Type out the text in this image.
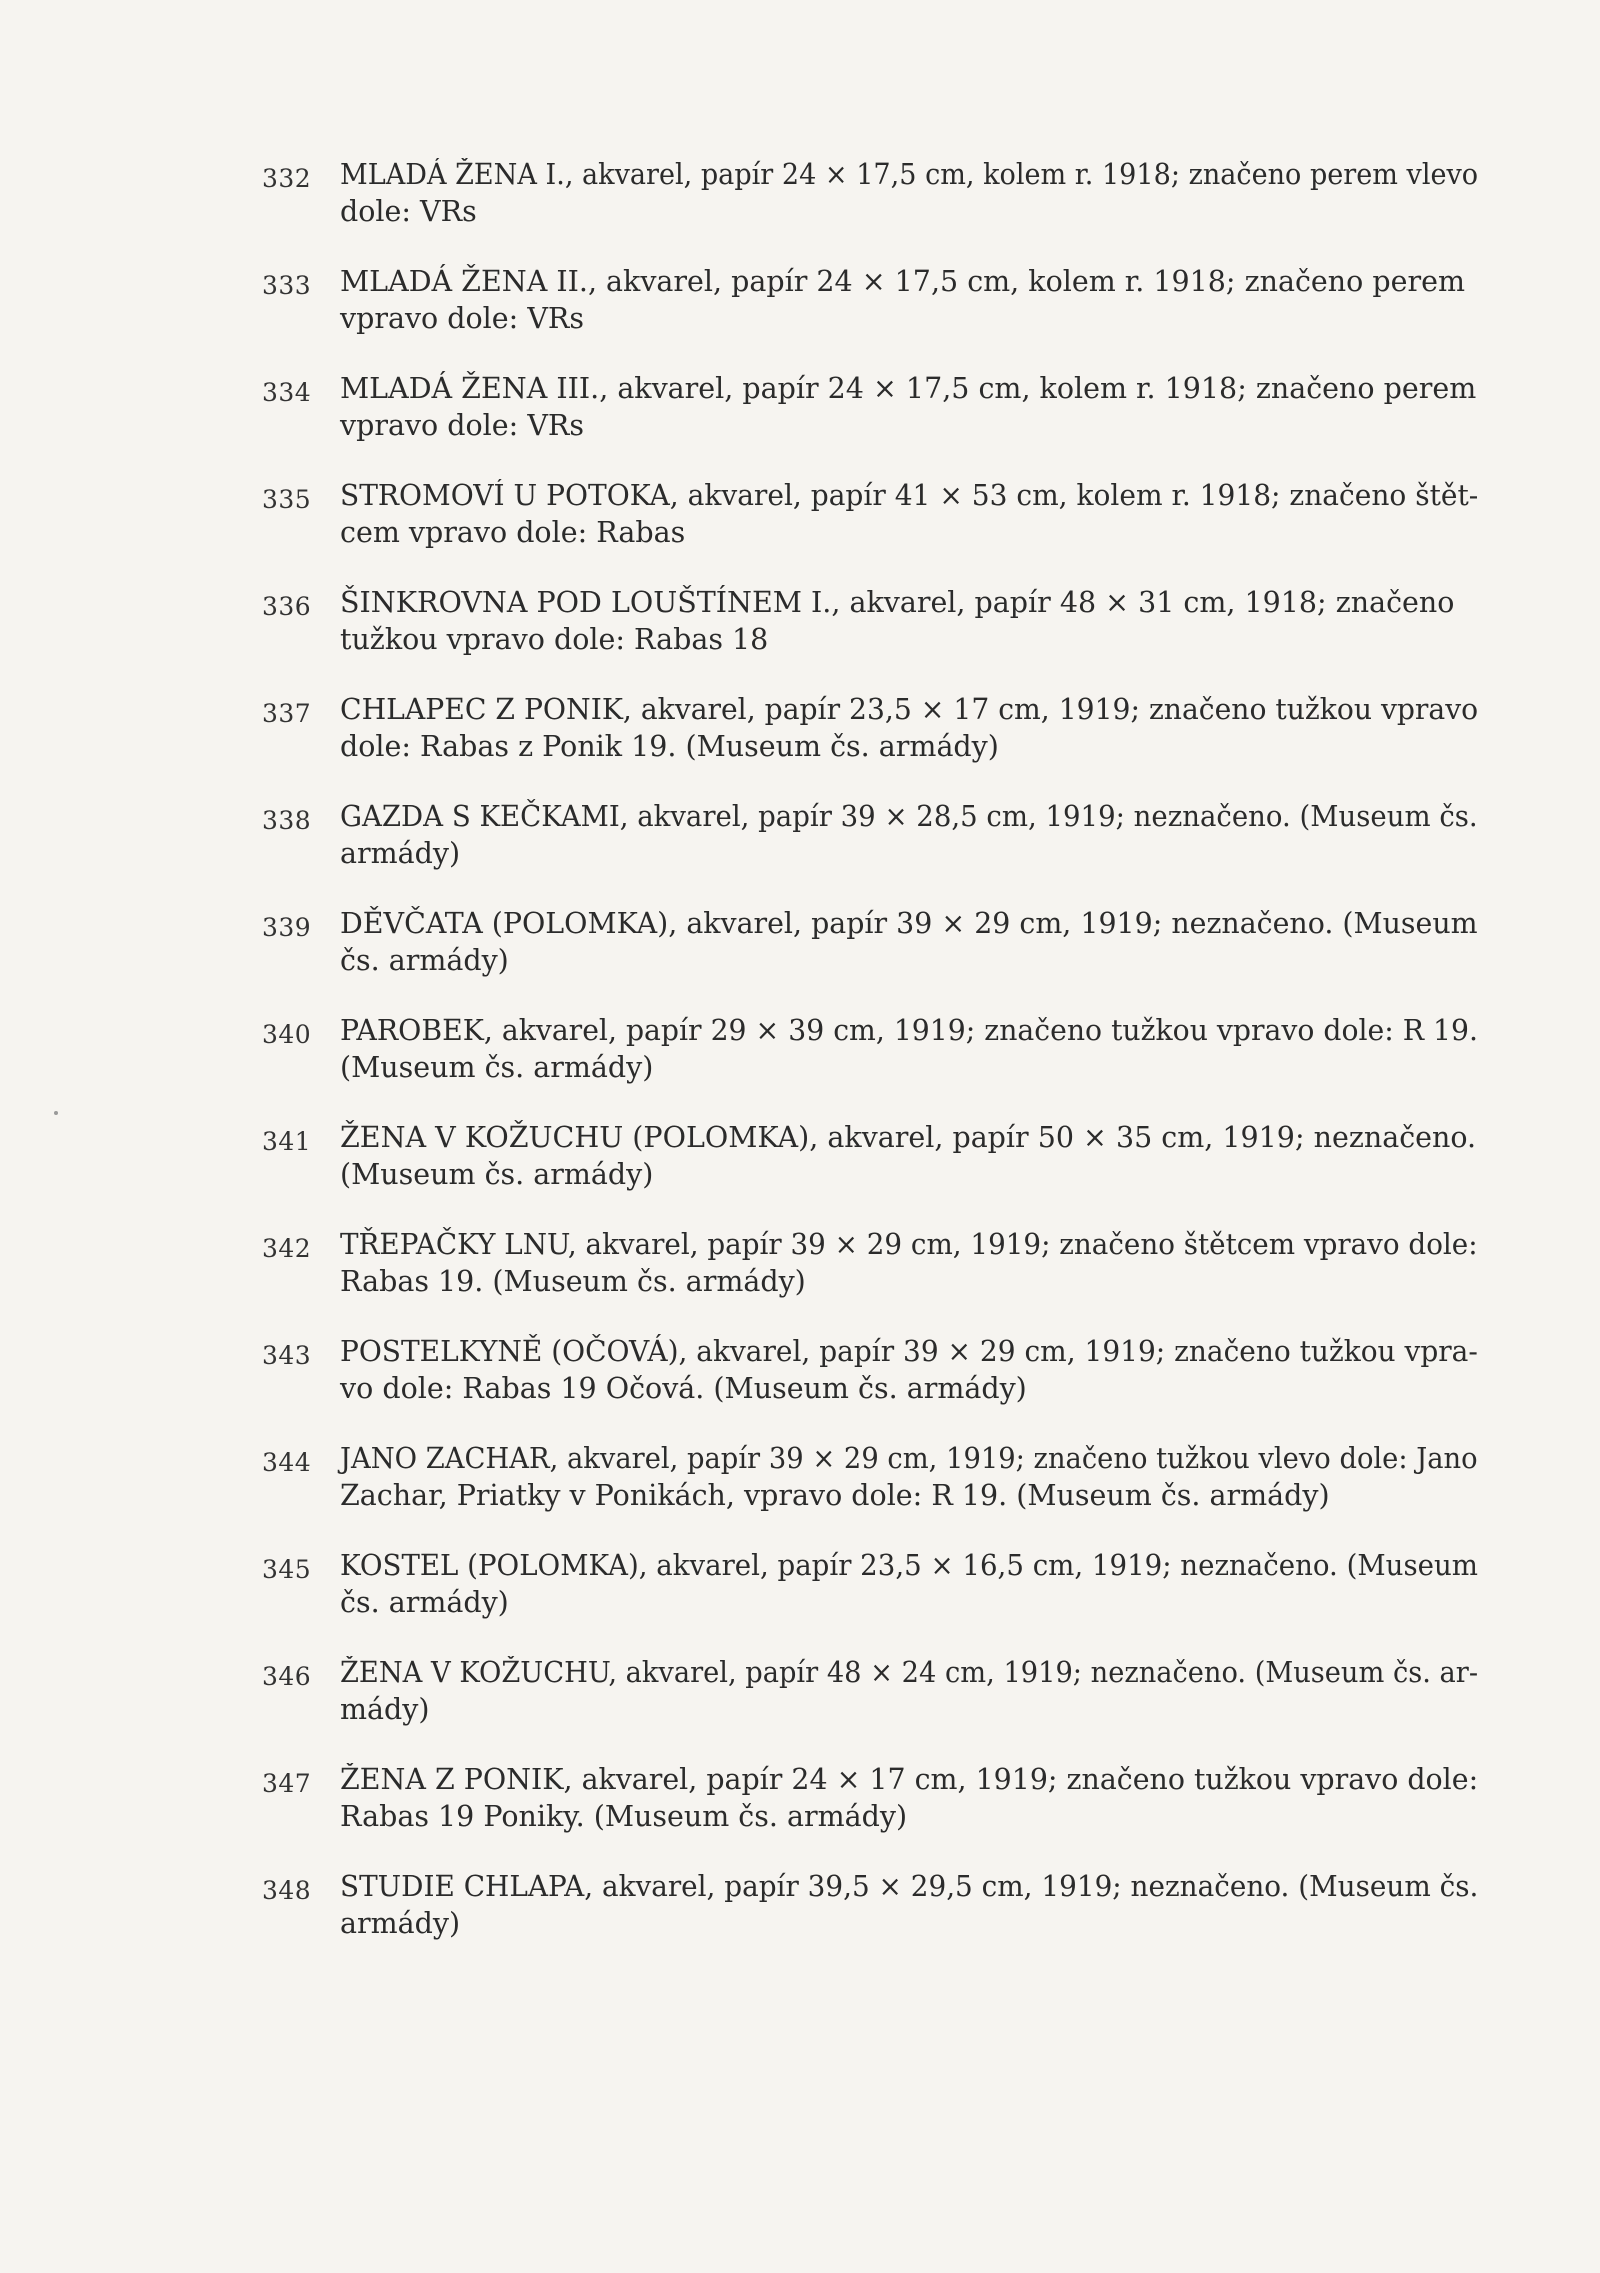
332	MLADÁ ŽENA I., akvarel, papír 24 × 17,5 cm, kolem r. 1918; značeno perem vlevo
dole: VRs
333	MLADÁ ŽENA II., akvarel, papír 24 × 17,5 cm, kolem r. 1918; značeno perem
vpravo dole: VRs
334	MLADÁ ŽENA III., akvarel, papír 24 × 17,5 cm, kolem r. 1918; značeno perem
vpravo dole: VRs
335	STROMOVÍ U POTOKA, akvarel, papír 41 × 53 cm, kolem r. 1918; značeno štět-
cem vpravo dole: Rabas
336	ŠINKROVNA POD LOUŠTÍNEM I., akvarel, papír 48 × 31 cm, 1918; značeno
tužkou vpravo dole: Rabas 18
337	CHLAPEC Z PONIK, akvarel, papír 23,5 × 17 cm, 1919; značeno tužkou vpravo
dole: Rabas z Ponik 19. (Museum čs. armády)
338	GAZDA S KEČKAMI, akvarel, papír 39 × 28,5 cm, 1919; neznačeno. (Museum čs.
armády)
339	DĚVČATA (POLOMKA), akvarel, papír 39 × 29 cm, 1919; neznačeno. (Museum
čs. armády)
340	PAROBEK, akvarel, papír 29 × 39 cm, 1919; značeno tužkou vpravo dole: R 19.
(Museum čs. armády)
341	ŽENA V KOŽUCHU (POLOMKA), akvarel, papír 50 × 35 cm, 1919; neznačeno.
(Museum čs. armády)
342	TŘEPAČKY LNU, akvarel, papír 39 × 29 cm, 1919; značeno štětcem vpravo dole:
Rabas 19. (Museum čs. armády)
343	POSTELKYNĚ (OČOVÁ), akvarel, papír 39 × 29 cm, 1919; značeno tužkou vpra-
vo dole: Rabas 19 Očová. (Museum čs. armády)
344	JANO ZACHAR, akvarel, papír 39 × 29 cm, 1919; značeno tužkou vlevo dole: Jano
Zachar, Priatky v Ponikách, vpravo dole: R 19. (Museum čs. armády)
345	KOSTEL (POLOMKA), akvarel, papír 23,5 × 16,5 cm, 1919; neznačeno. (Museum
čs. armády)
346	ŽENA V KOŽUCHU, akvarel, papír 48 × 24 cm, 1919; neznačeno. (Museum čs. ar-
mády)
347	ŽENA Z PONIK, akvarel, papír 24 × 17 cm, 1919; značeno tužkou vpravo dole:
Rabas 19 Poniky. (Museum čs. armády)
348	STUDIE CHLAPA, akvarel, papír 39,5 × 29,5 cm, 1919; neznačeno. (Museum čs.
armády)
